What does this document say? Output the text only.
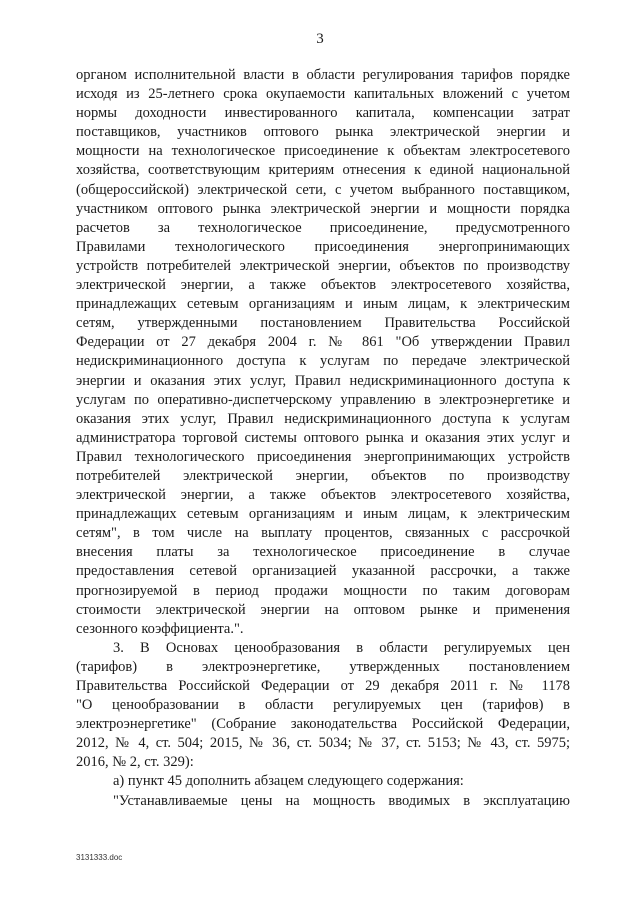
3
органом исполнительной власти в области регулирования тарифов порядке
исходя из 25-летнего срока окупаемости капитальных вложений с учетом
нормы доходности инвестированного капитала, компенсации затрат
поставщиков, участников оптового рынка электрической энергии и
мощности на технологическое присоединение к объектам электросетевого
хозяйства, соответствующим критериям отнесения к единой национальной
(общероссийской) электрической сети, с учетом выбранного поставщиком,
участником оптового рынка электрической энергии и мощности порядка
расчетов за технологическое присоединение, предусмотренного
Правилами технологического присоединения энергопринимающих
устройств потребителей электрической энергии, объектов по производству
электрической энергии, а также объектов электросетевого хозяйства,
принадлежащих сетевым организациям и иным лицам, к электрическим
сетям, утвержденными постановлением Правительства Российской
Федерации от 27 декабря 2004 г. № 861 "Об утверждении Правил
недискриминационного доступа к услугам по передаче электрической
энергии и оказания этих услуг, Правил недискриминационного доступа к
услугам по оперативно-диспетчерскому управлению в электроэнергетике и
оказания этих услуг, Правил недискриминационного доступа к услугам
администратора торговой системы оптового рынка и оказания этих услуг и
Правил технологического присоединения энергопринимающих устройств
потребителей электрической энергии, объектов по производству
электрической энергии, а также объектов электросетевого хозяйства,
принадлежащих сетевым организациям и иным лицам, к электрическим
сетям", в том числе на выплату процентов, связанных с рассрочкой
внесения платы за технологическое присоединение в случае
предоставления сетевой организацией указанной рассрочки, а также
прогнозируемой в период продажи мощности по таким договорам
стоимости электрической энергии на оптовом рынке и применения
сезонного коэффициента.".
3. В Основах ценообразования в области регулируемых цен
(тарифов) в электроэнергетике, утвержденных постановлением
Правительства Российской Федерации от 29 декабря 2011 г. № 1178
"О ценообразовании в области регулируемых цен (тарифов) в
электроэнергетике" (Собрание законодательства Российской Федерации,
2012, № 4, ст. 504; 2015, № 36, ст. 5034; № 37, ст. 5153; № 43, ст. 5975;
2016, № 2, ст. 329):
а) пункт 45 дополнить абзацем следующего содержания:
"Устанавливаемые цены на мощность вводимых в эксплуатацию
3131333.doc
